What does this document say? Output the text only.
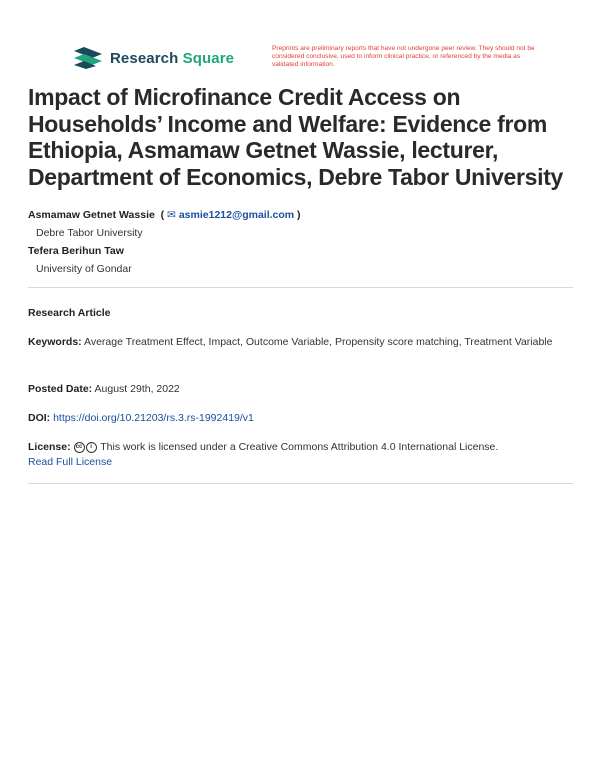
Research Square
Preprints are preliminary reports that have not undergone peer review. They should not be considered conclusive, used to inform clinical practice, or referenced by the media as validated information.
Impact of Microfinance Credit Access on Households’ Income and Welfare: Evidence from Ethiopia, Asmamaw Getnet Wassie, lecturer, Department of Economics, Debre Tabor University
Asmamaw Getnet Wassie  ( ✉ asmie1212@gmail.com )
Debre Tabor University
Tefera Berihun Taw
University of Gondar
Research Article
Keywords: Average Treatment Effect, Impact, Outcome Variable, Propensity score matching, Treatment Variable
Posted Date: August 29th, 2022
DOI: https://doi.org/10.21203/rs.3.rs-1992419/v1
License: cc i This work is licensed under a Creative Commons Attribution 4.0 International License.
Read Full License
